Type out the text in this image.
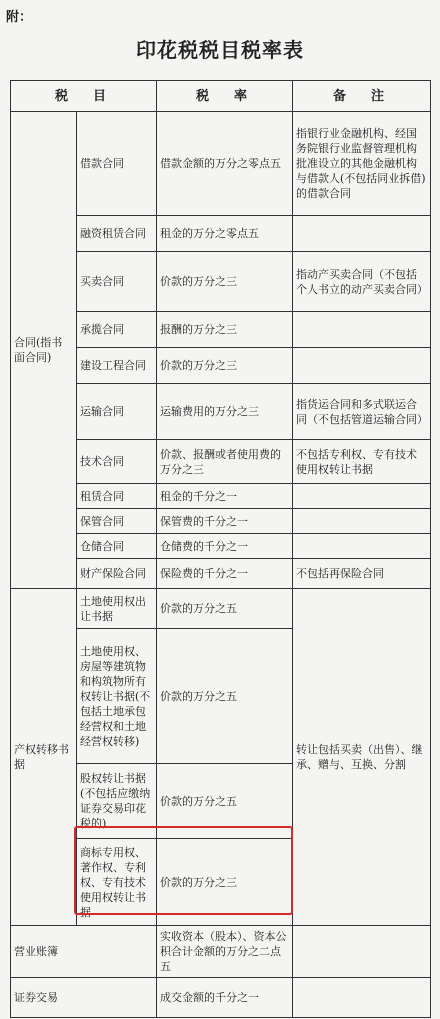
附：
印花税税目税率表
税　目		税　率	备　注
合同(指书面合同)	借款合同	借款金额的万分之零点五	指银行业金融机构、经国务院银行业监督管理机构批准设立的其他金融机构与借款人(不包括同业拆借)的借款合同
	融资租赁合同	租金的万分之零点五	
	买卖合同	价款的万分之三	指动产买卖合同（不包括个人书立的动产买卖合同）
	承揽合同	报酬的万分之三	
	建设工程合同	价款的万分之三	
	运输合同	运输费用的万分之三	指货运合同和多式联运合同（不包括管道运输合同）
	技术合同	价款、报酬或者使用费的万分之三	不包括专利权、专有技术使用权转让书据
	租赁合同	租金的千分之一	
	保管合同	保管费的千分之一	
	仓储合同	仓储费的千分之一	
	财产保险合同	保险费的千分之一	不包括再保险合同
产权转移书据	土地使用权出让书据	价款的万分之五	转让包括买卖（出售）、继承、赠与、互换、分割
	土地使用权、房屋等建筑物和构筑物所有权转让书据(不包括土地承包经营权和土地经营权转移)	价款的万分之五	
	股权转让书据(不包括应缴纳证券交易印花税的)	价款的万分之五	
	商标专用权、著作权、专利权、专有技术使用权转让书据	价款的万分之三	
营业账簿		实收资本（股本）、资本公积合计金额的万分之二点五	
证券交易		成交金额的千分之一	
